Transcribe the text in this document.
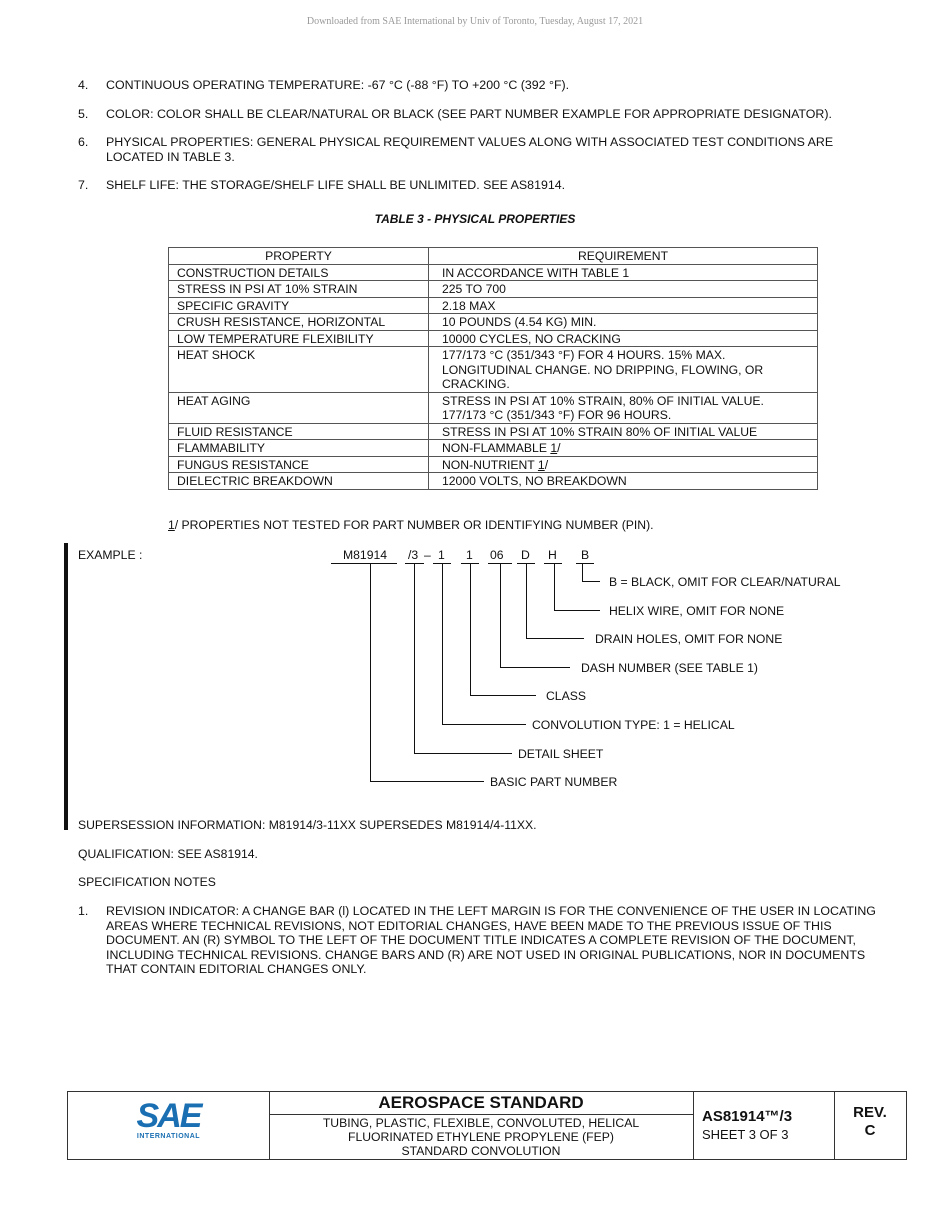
Downloaded from SAE International by Univ of Toronto, Tuesday, August 17, 2021
4. CONTINUOUS OPERATING TEMPERATURE: -67 °C (-88 °F) TO +200 °C (392 °F).
5. COLOR: COLOR SHALL BE CLEAR/NATURAL OR BLACK (SEE PART NUMBER EXAMPLE FOR APPROPRIATE DESIGNATOR).
6. PHYSICAL PROPERTIES: GENERAL PHYSICAL REQUIREMENT VALUES ALONG WITH ASSOCIATED TEST CONDITIONS ARE LOCATED IN TABLE 3.
7. SHELF LIFE: THE STORAGE/SHELF LIFE SHALL BE UNLIMITED. SEE AS81914.
TABLE 3 - PHYSICAL PROPERTIES
PROPERTY	REQUIREMENT
CONSTRUCTION DETAILS	IN ACCORDANCE WITH TABLE 1
STRESS IN PSI AT 10% STRAIN	225 TO 700
SPECIFIC GRAVITY	2.18 MAX
CRUSH RESISTANCE, HORIZONTAL	10 POUNDS (4.54 KG) MIN.
LOW TEMPERATURE FLEXIBILITY	10000 CYCLES, NO CRACKING
HEAT SHOCK	177/173 °C (351/343 °F) FOR 4 HOURS. 15% MAX. LONGITUDINAL CHANGE. NO DRIPPING, FLOWING, OR CRACKING.
HEAT AGING	STRESS IN PSI AT 10% STRAIN, 80% OF INITIAL VALUE. 177/173 °C (351/343 °F) FOR 96 HOURS.
FLUID RESISTANCE	STRESS IN PSI AT 10% STRAIN 80% OF INITIAL VALUE
FLAMMABILITY	NON-FLAMMABLE 1/
FUNGUS RESISTANCE	NON-NUTRIENT 1/
DIELECTRIC BREAKDOWN	12000 VOLTS, NO BREAKDOWN
1/ PROPERTIES NOT TESTED FOR PART NUMBER OR IDENTIFYING NUMBER (PIN).
EXAMPLE :	M81914 /3 – 1 1 06 D H B
B = BLACK, OMIT FOR CLEAR/NATURAL
HELIX WIRE, OMIT FOR NONE
DRAIN HOLES, OMIT FOR NONE
DASH NUMBER (SEE TABLE 1)
CLASS
CONVOLUTION TYPE: 1 = HELICAL
DETAIL SHEET
BASIC PART NUMBER
SUPERSESSION INFORMATION: M81914/3-11XX SUPERSEDES M81914/4-11XX.
QUALIFICATION: SEE AS81914.
SPECIFICATION NOTES
1. REVISION INDICATOR: A CHANGE BAR (l) LOCATED IN THE LEFT MARGIN IS FOR THE CONVENIENCE OF THE USER IN LOCATING AREAS WHERE TECHNICAL REVISIONS, NOT EDITORIAL CHANGES, HAVE BEEN MADE TO THE PREVIOUS ISSUE OF THIS DOCUMENT. AN (R) SYMBOL TO THE LEFT OF THE DOCUMENT TITLE INDICATES A COMPLETE REVISION OF THE DOCUMENT, INCLUDING TECHNICAL REVISIONS. CHANGE BARS AND (R) ARE NOT USED IN ORIGINAL PUBLICATIONS, NOR IN DOCUMENTS THAT CONTAIN EDITORIAL CHANGES ONLY.
SAE
INTERNATIONAL
AEROSPACE STANDARD
TUBING, PLASTIC, FLEXIBLE, CONVOLUTED, HELICAL
FLUORINATED ETHYLENE PROPYLENE (FEP)
STANDARD CONVOLUTION
AS81914™/3
SHEET 3 OF 3
REV.
C
